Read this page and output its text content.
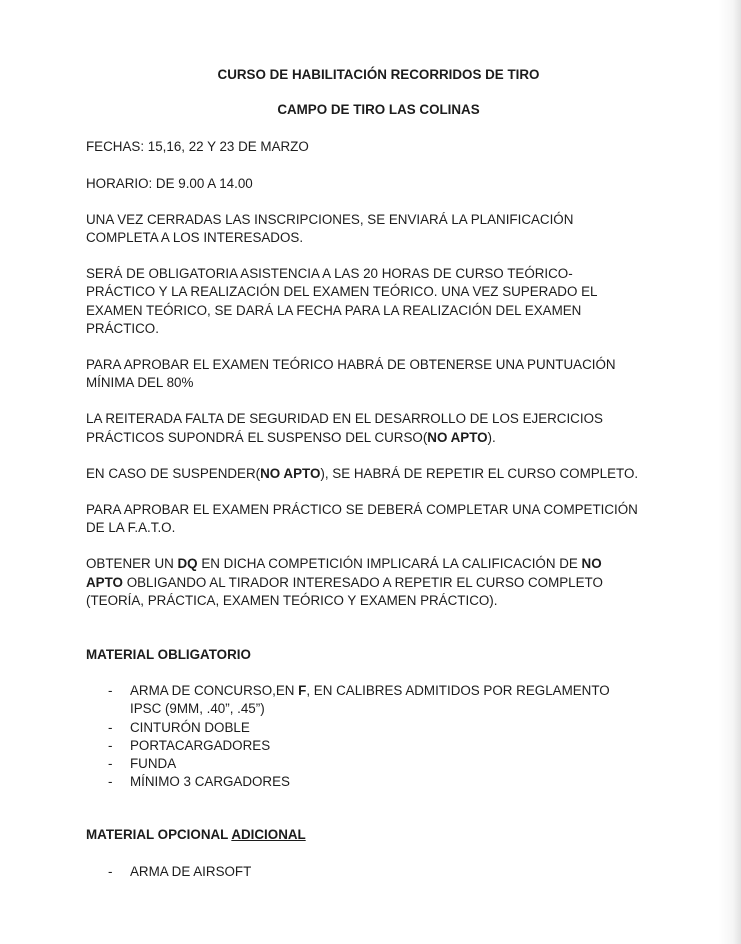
CURSO DE HABILITACIÓN RECORRIDOS DE TIRO

CAMPO DE TIRO LAS COLINAS

FECHAS: 15,16, 22 Y 23 DE MARZO

HORARIO: DE 9.00 A 14.00

UNA VEZ CERRADAS LAS INSCRIPCIONES, SE ENVIARÁ LA PLANIFICACIÓN COMPLETA A LOS INTERESADOS.

SERÁ DE OBLIGATORIA ASISTENCIA A LAS 20 HORAS DE CURSO TEÓRICO-PRÁCTICO Y LA REALIZACIÓN DEL EXAMEN TEÓRICO. UNA VEZ SUPERADO EL EXAMEN TEÓRICO, SE DARÁ LA FECHA PARA LA REALIZACIÓN DEL EXAMEN PRÁCTICO.

PARA APROBAR EL EXAMEN TEÓRICO HABRÁ DE OBTENERSE UNA PUNTUACIÓN MÍNIMA DEL 80%

LA REITERADA FALTA DE SEGURIDAD EN EL DESARROLLO DE LOS EJERCICIOS PRÁCTICOS SUPONDRÁ EL SUSPENSO DEL CURSO(NO APTO).

EN CASO DE SUSPENDER(NO APTO), SE HABRÁ DE REPETIR EL CURSO COMPLETO.

PARA APROBAR EL EXAMEN PRÁCTICO SE DEBERÁ COMPLETAR UNA COMPETICIÓN DE LA F.A.T.O.

OBTENER UN DQ EN DICHA COMPETICIÓN IMPLICARÁ LA CALIFICACIÓN DE NO APTO OBLIGANDO AL TIRADOR INTERESADO A REPETIR EL CURSO COMPLETO (TEORÍA, PRÁCTICA, EXAMEN TEÓRICO Y EXAMEN PRÁCTICO).

MATERIAL OBLIGATORIO

- ARMA DE CONCURSO,EN F, EN CALIBRES ADMITIDOS POR REGLAMENTO IPSC (9MM, .40”, .45”)
- CINTURÓN DOBLE
- PORTACARGADORES
- FUNDA
- MÍNIMO 3 CARGADORES

MATERIAL OPCIONAL ADICIONAL

- ARMA DE AIRSOFT
